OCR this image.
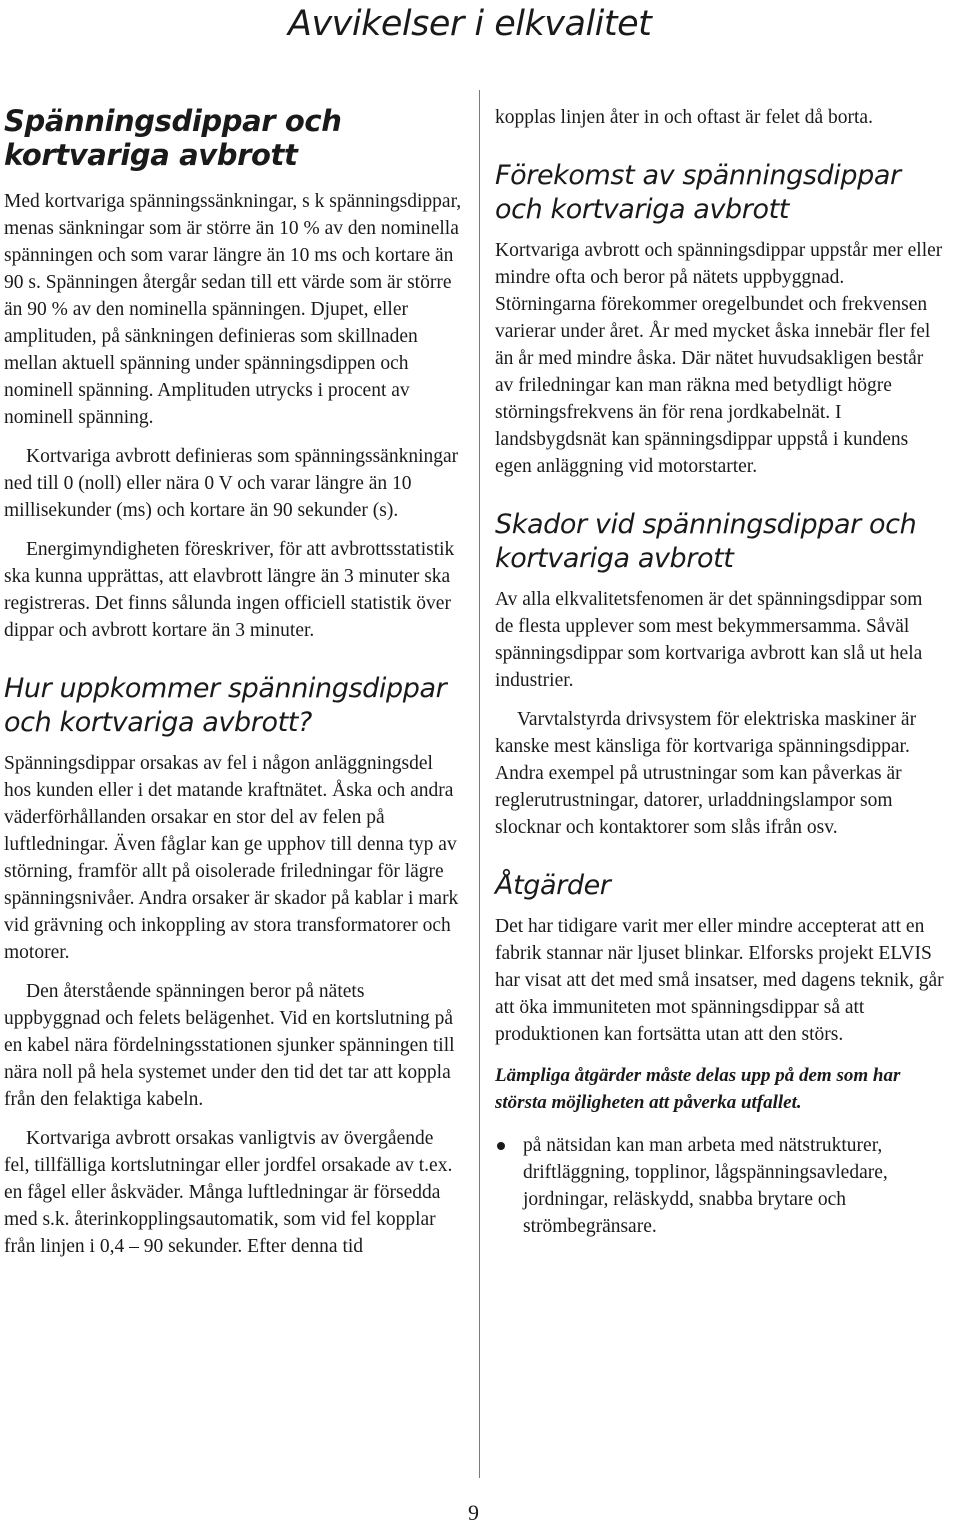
Avvikelser i elkvalitet
Spänningsdippar och kortvariga avbrott

Med kortvariga spänningssänkningar, s k spänningsdippar, menas sänkningar som är större än 10 % av den nominella spänningen och som varar längre än 10 ms och kortare än 90 s. Spänningen återgår sedan till ett värde som är större än 90 % av den nominella spänningen. Djupet, eller amplituden, på sänkningen definieras som skillnaden mellan aktuell spänning under spänningsdippen och nominell spänning. Amplituden utrycks i procent av nominell spänning.

Kortvariga avbrott definieras som spänningssänkningar ned till 0 (noll) eller nära 0 V och varar längre än 10 millisekunder (ms) och kortare än 90 sekunder (s).

Energimyndigheten föreskriver, för att avbrottsstatistik ska kunna upprättas, att elavbrott längre än 3 minuter ska registreras. Det finns sålunda ingen officiell statistik över dippar och avbrott kortare än 3 minuter.

Hur uppkommer spänningsdippar och kortvariga avbrott?

Spänningsdippar orsakas av fel i någon anläggningsdel hos kunden eller i det matande kraftnätet. Åska och andra väderförhållanden orsakar en stor del av felen på luftledningar. Även fåglar kan ge upphov till denna typ av störning, framför allt på oisolerade friledningar för lägre spänningsnivåer. Andra orsaker är skador på kablar i mark vid grävning och inkoppling av stora transformatorer och motorer.

Den återstående spänningen beror på nätets uppbyggnad och felets belägenhet. Vid en kortslutning på en kabel nära fördelningsstationen sjunker spänningen till nära noll på hela systemet under den tid det tar att koppla från den felaktiga kabeln.

Kortvariga avbrott orsakas vanligtvis av övergående fel, tillfälliga kortslutningar eller jordfel orsakade av t.ex. en fågel eller åskväder. Många luftledningar är försedda med s.k. återinkopplingsautomatik, som vid fel kopplar från linjen i 0,4 – 90 sekunder. Efter denna tid

kopplas linjen åter in och oftast är felet då borta.

Förekomst av spänningsdippar och kortvariga avbrott

Kortvariga avbrott och spänningsdippar uppstår mer eller mindre ofta och beror på nätets uppbyggnad. Störningarna förekommer oregelbundet och frekvensen varierar under året. År med mycket åska innebär fler fel än år med mindre åska. Där nätet huvudsakligen består av friledningar kan man räkna med betydligt högre störningsfrekvens än för rena jordkabelnät. I landsbygdsnät kan spänningsdippar uppstå i kundens egen anläggning vid motorstarter.

Skador vid spänningsdippar och kortvariga avbrott

Av alla elkvalitetsfenomen är det spänningsdippar som de flesta upplever som mest bekymmersamma. Såväl spänningsdippar som kortvariga avbrott kan slå ut hela industrier.

Varvtalstyrda drivsystem för elektriska maskiner är kanske mest känsliga för kortvariga spänningsdippar. Andra exempel på utrustningar som kan påverkas är reglerutrustningar, datorer, urladdningslampor som slocknar och kontaktorer som slås ifrån osv.

Åtgärder

Det har tidigare varit mer eller mindre accepterat att en fabrik stannar när ljuset blinkar. Elforsks projekt ELVIS har visat att det med små insatser, med dagens teknik, går att öka immuniteten mot spänningsdippar så att produktionen kan fortsätta utan att den störs.

Lämpliga åtgärder måste delas upp på dem som har största möjligheten att påverka utfallet.

på nätsidan kan man arbeta med nätstrukturer, driftläggning, topplinor, lågspänningsavledare, jordningar, reläskydd, snabba brytare och strömbegränsare.
9
